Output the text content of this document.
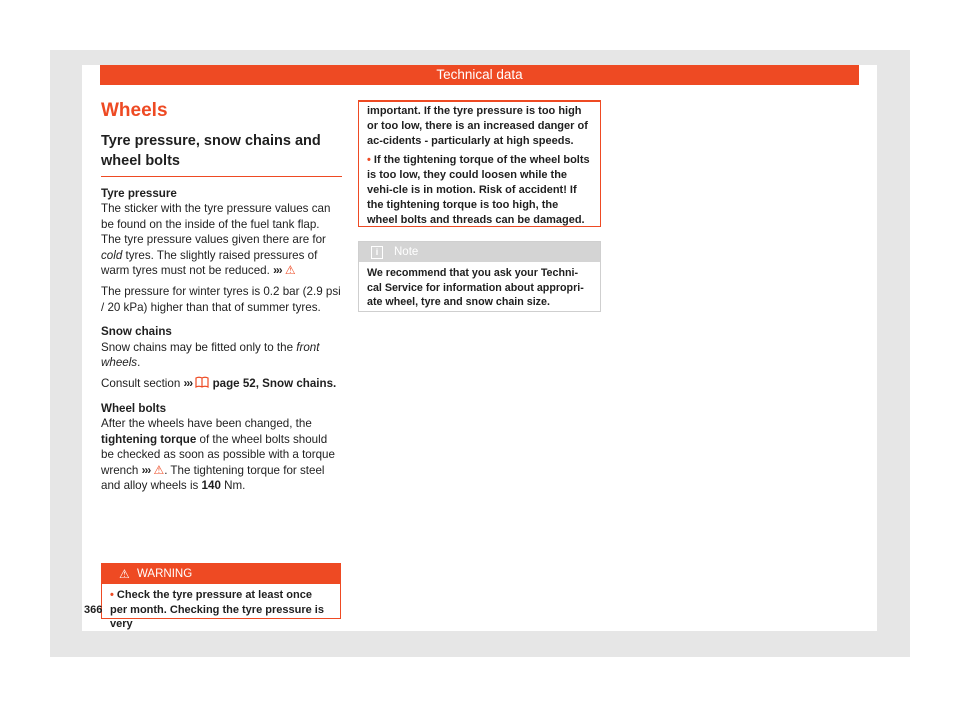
Technical data
Wheels
Tyre pressure, snow chains and wheel bolts
Tyre pressure

The sticker with the tyre pressure values can be found on the inside of the fuel tank flap. The tyre pressure values given there are for cold tyres. The slightly raised pressures of warm tyres must not be reduced. ››› ⚠

The pressure for winter tyres is 0.2 bar (2.9 psi / 20 kPa) higher than that of summer tyres.

Snow chains

Snow chains may be fitted only to the front wheels.

Consult section ››› page 52, Snow chains.

Wheel bolts

After the wheels have been changed, the tightening torque of the wheel bolts should be checked as soon as possible with a torque wrench ››› ⚠. The tightening torque for steel and alloy wheels is 140 Nm.

⚠ WARNING
• Check the tyre pressure at least once per month. Checking the tyre pressure is very
important. If the tyre pressure is too high or too low, there is an increased danger of ac-cidents - particularly at high speeds.
• If the tightening torque of the wheel bolts is too low, they could loosen while the vehi-cle is in motion. Risk of accident! If the tightening torque is too high, the wheel bolts and threads can be damaged.
i	Note
We recommend that you ask your Techni-cal Service for information about appropri-ate wheel, tyre and snow chain size.
366
